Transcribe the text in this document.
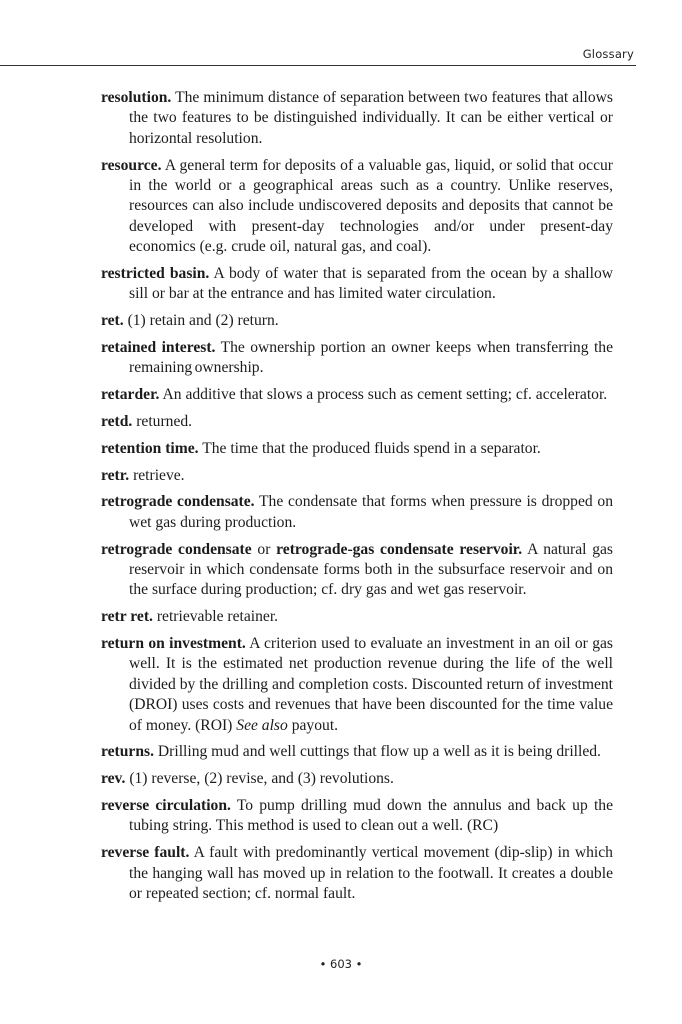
Glossary

resolution. The minimum distance of separation between two features that allows the two features to be distinguished individually. It can be either vertical or horizontal resolution.

resource. A general term for deposits of a valuable gas, liquid, or solid that occur in the world or a geographical areas such as a country. Unlike reserves, resources can also include undiscovered deposits and deposits that cannot be developed with present-day technologies and/or under present-day economics (e.g. crude oil, natural gas, and coal).

restricted basin. A body of water that is separated from the ocean by a shallow sill or bar at the entrance and has limited water circulation.

ret. (1) retain and (2) return.

retained interest. The ownership portion an owner keeps when transferring the remaining ownership.

retarder. An additive that slows a process such as cement setting; cf. accelerator.

retd. returned.

retention time. The time that the produced fluids spend in a separator.

retr. retrieve.

retrograde condensate. The condensate that forms when pressure is dropped on wet gas during production.

retrograde condensate or retrograde-gas condensate reservoir. A natural gas reservoir in which condensate forms both in the subsurface reservoir and on the surface during production; cf. dry gas and wet gas reservoir.

retr ret. retrievable retainer.

return on investment. A criterion used to evaluate an investment in an oil or gas well. It is the estimated net production revenue during the life of the well divided by the drilling and completion costs. Discounted return of investment (DROI) uses costs and revenues that have been discounted for the time value of money. (ROI) See also payout.

returns. Drilling mud and well cuttings that flow up a well as it is being drilled.

rev. (1) reverse, (2) revise, and (3) revolutions.

reverse circulation. To pump drilling mud down the annulus and back up the tubing string. This method is used to clean out a well. (RC)

reverse fault. A fault with predominantly vertical movement (dip-slip) in which the hanging wall has moved up in relation to the footwall. It creates a double or repeated section; cf. normal fault.

• 603 •
